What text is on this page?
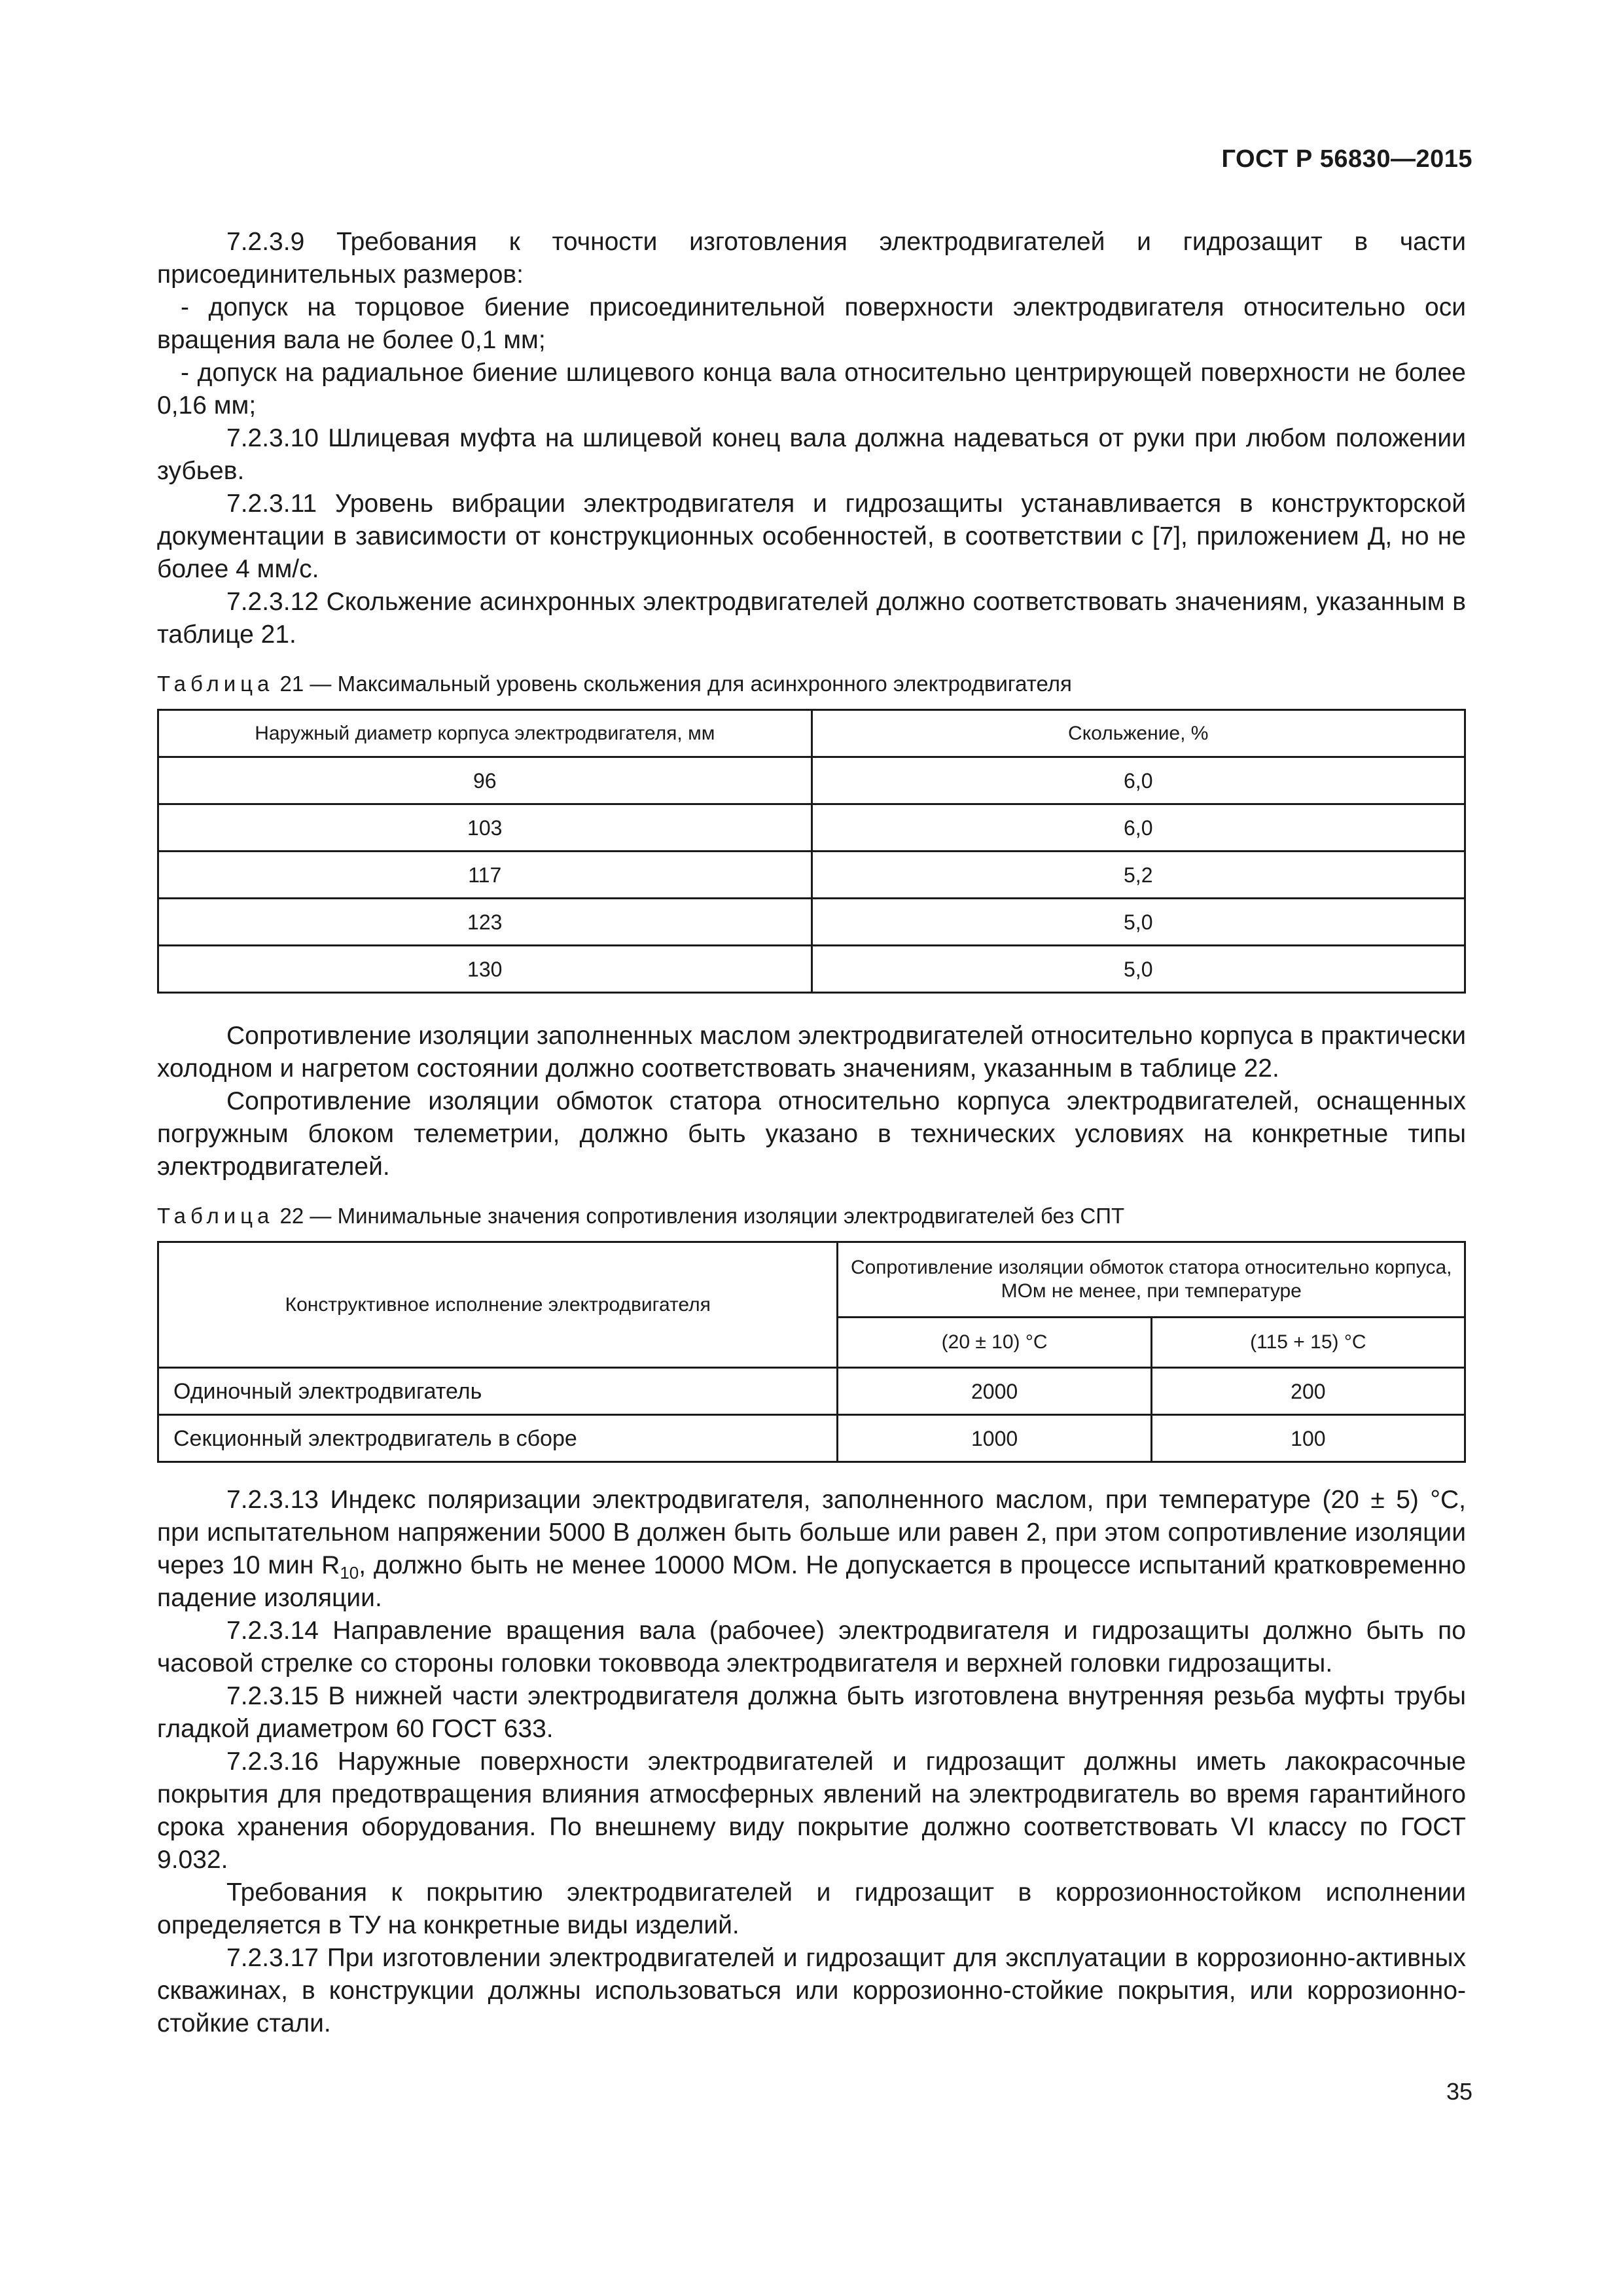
ГОСТ Р 56830—2015

7.2.3.9 Требования к точности изготовления электродвигателей и гидрозащит в части присоединительных размеров:

- допуск на торцовое биение присоединительной поверхности электродвигателя относительно оси вращения вала не более 0,1 мм;

- допуск на радиальное биение шлицевого конца вала относительно центрирующей поверхности не более 0,16 мм;

7.2.3.10 Шлицевая муфта на шлицевой конец вала должна надеваться от руки при любом положении зубьев.

7.2.3.11 Уровень вибрации электродвигателя и гидрозащиты устанавливается в конструкторской документации в зависимости от конструкционных особенностей, в соответствии с [7], приложением Д, но не более 4 мм/с.

7.2.3.12 Скольжение асинхронных электродвигателей должно соответствовать значениям, указанным в таблице 21.

Таблица 21 — Максимальный уровень скольжения для асинхронного электродвигателя
Наружный диаметр корпуса электродвигателя, мм	Скольжение, %
96	6,0
103	6,0
117	5,2
123	5,0
130	5,0

Сопротивление изоляции заполненных маслом электродвигателей относительно корпуса в практически холодном и нагретом состоянии должно соответствовать значениям, указанным в таблице 22.

Сопротивление изоляции обмоток статора относительно корпуса электродвигателей, оснащенных погружным блоком телеметрии, должно быть указано в технических условиях на конкретные типы электродвигателей.

Таблица 22 — Минимальные значения сопротивления изоляции электродвигателей без СПТ
Конструктивное исполнение электродвигателя	Сопротивление изоляции обмоток статора относительно корпуса, МОм не менее, при температуре	
	(20 ± 10) °С	(115 + 15) °С
Одиночный электродвигатель	2000	200
Секционный электродвигатель в сборе	1000	100

7.2.3.13 Индекс поляризации электродвигателя, заполненного маслом, при температуре (20 ± 5) °С, при испытательном напряжении 5000 В должен быть больше или равен 2, при этом сопротивление изоляции через 10 мин $R_{10}$, должно быть не менее 10000 МОм. Не допускается в процессе испытаний кратковременно падение изоляции.

7.2.3.14 Направление вращения вала (рабочее) электродвигателя и гидрозащиты должно быть по часовой стрелке со стороны головки токоввода электродвигателя и верхней головки гидрозащиты.

7.2.3.15 В нижней части электродвигателя должна быть изготовлена внутренняя резьба муфты трубы гладкой диаметром 60 ГОСТ 633.

7.2.3.16 Наружные поверхности электродвигателей и гидрозащит должны иметь лакокрасочные покрытия для предотвращения влияния атмосферных явлений на электродвигатель во время гарантийного срока хранения оборудования. По внешнему виду покрытие должно соответствовать VI классу по ГОСТ 9.032.

Требования к покрытию электродвигателей и гидрозащит в коррозионностойком исполнении определяется в ТУ на конкретные виды изделий.

7.2.3.17 При изготовлении электродвигателей и гидрозащит для эксплуатации в коррозионно-активных скважинах, в конструкции должны использоваться или коррозионно-стойкие покрытия, или коррозионно-стойкие стали.

35
